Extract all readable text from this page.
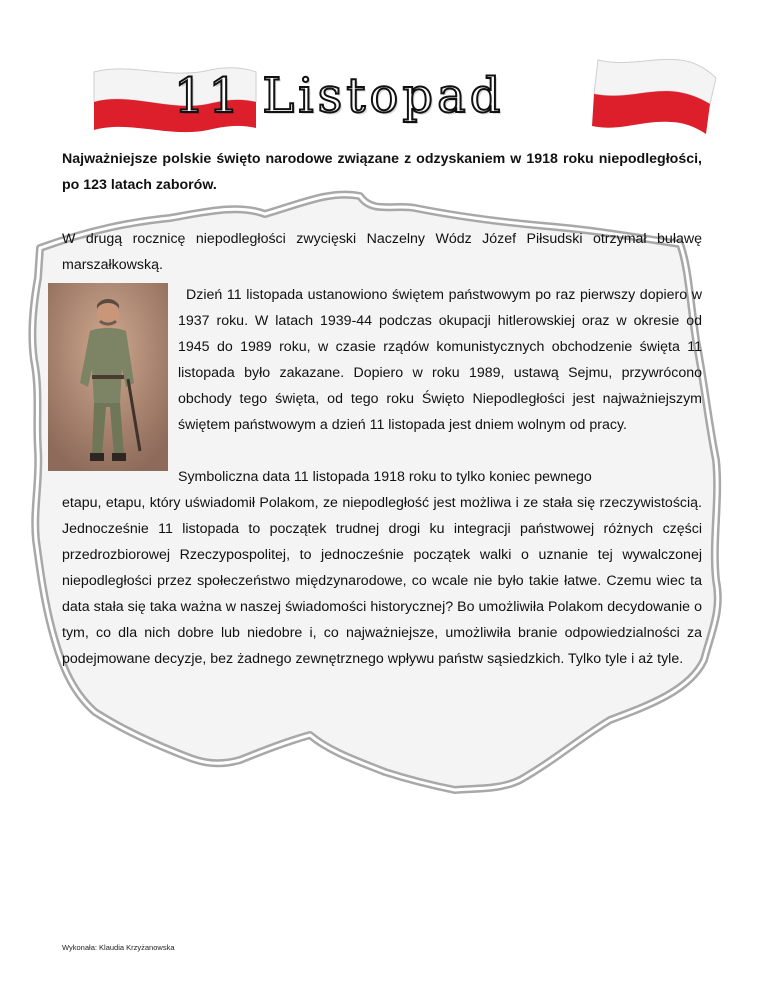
11 Listopad

Najważniejsze polskie święto narodowe związane z odzyskaniem w 1918 roku niepodległości, po 123 latach zaborów.

W drugą rocznicę niepodległości zwycięski Naczelny Wódz Józef Piłsudski otrzymał buławę marszałkowską.

Dzień 11 listopada ustanowiono świętem państwowym po raz pierwszy dopiero w 1937 roku. W latach 1939-44 podczas okupacji hitlerowskiej oraz w okresie od 1945 do 1989 roku, w czasie rządów komunistycznych obchodzenie święta 11 listopada było zakazane. Dopiero w roku 1989, ustawą Sejmu, przywrócono obchody tego święta, od tego roku Święto Niepodległości jest najważniejszym świętem państwowym a dzień 11 listopada jest dniem wolnym od pracy.

Symboliczna data 11 listopada 1918 roku to tylko koniec pewnego

etapu, etapu, który uświadomił Polakom, ze niepodległość jest możliwa i ze stała się rzeczywistością. Jednocześnie 11 listopada to początek trudnej drogi ku integracji państwowej różnych części przedrozbiorowej Rzeczypospolitej, to jednocześnie początek walki o uznanie tej wywalczonej niepodległości przez społeczeństwo międzynarodowe, co wcale nie było takie łatwe. Czemu wiec ta data stała się taka ważna w naszej świadomości historycznej? Bo umożliwiła Polakom decydowanie o tym, co dla nich dobre lub niedobre i, co najważniejsze, umożliwiła branie odpowiedzialności za podejmowane decyzje, bez żadnego zewnętrznego wpływu państw sąsiedzkich. Tylko tyle i aż tyle.

Wykonała: Klaudia Krzyżanowska
